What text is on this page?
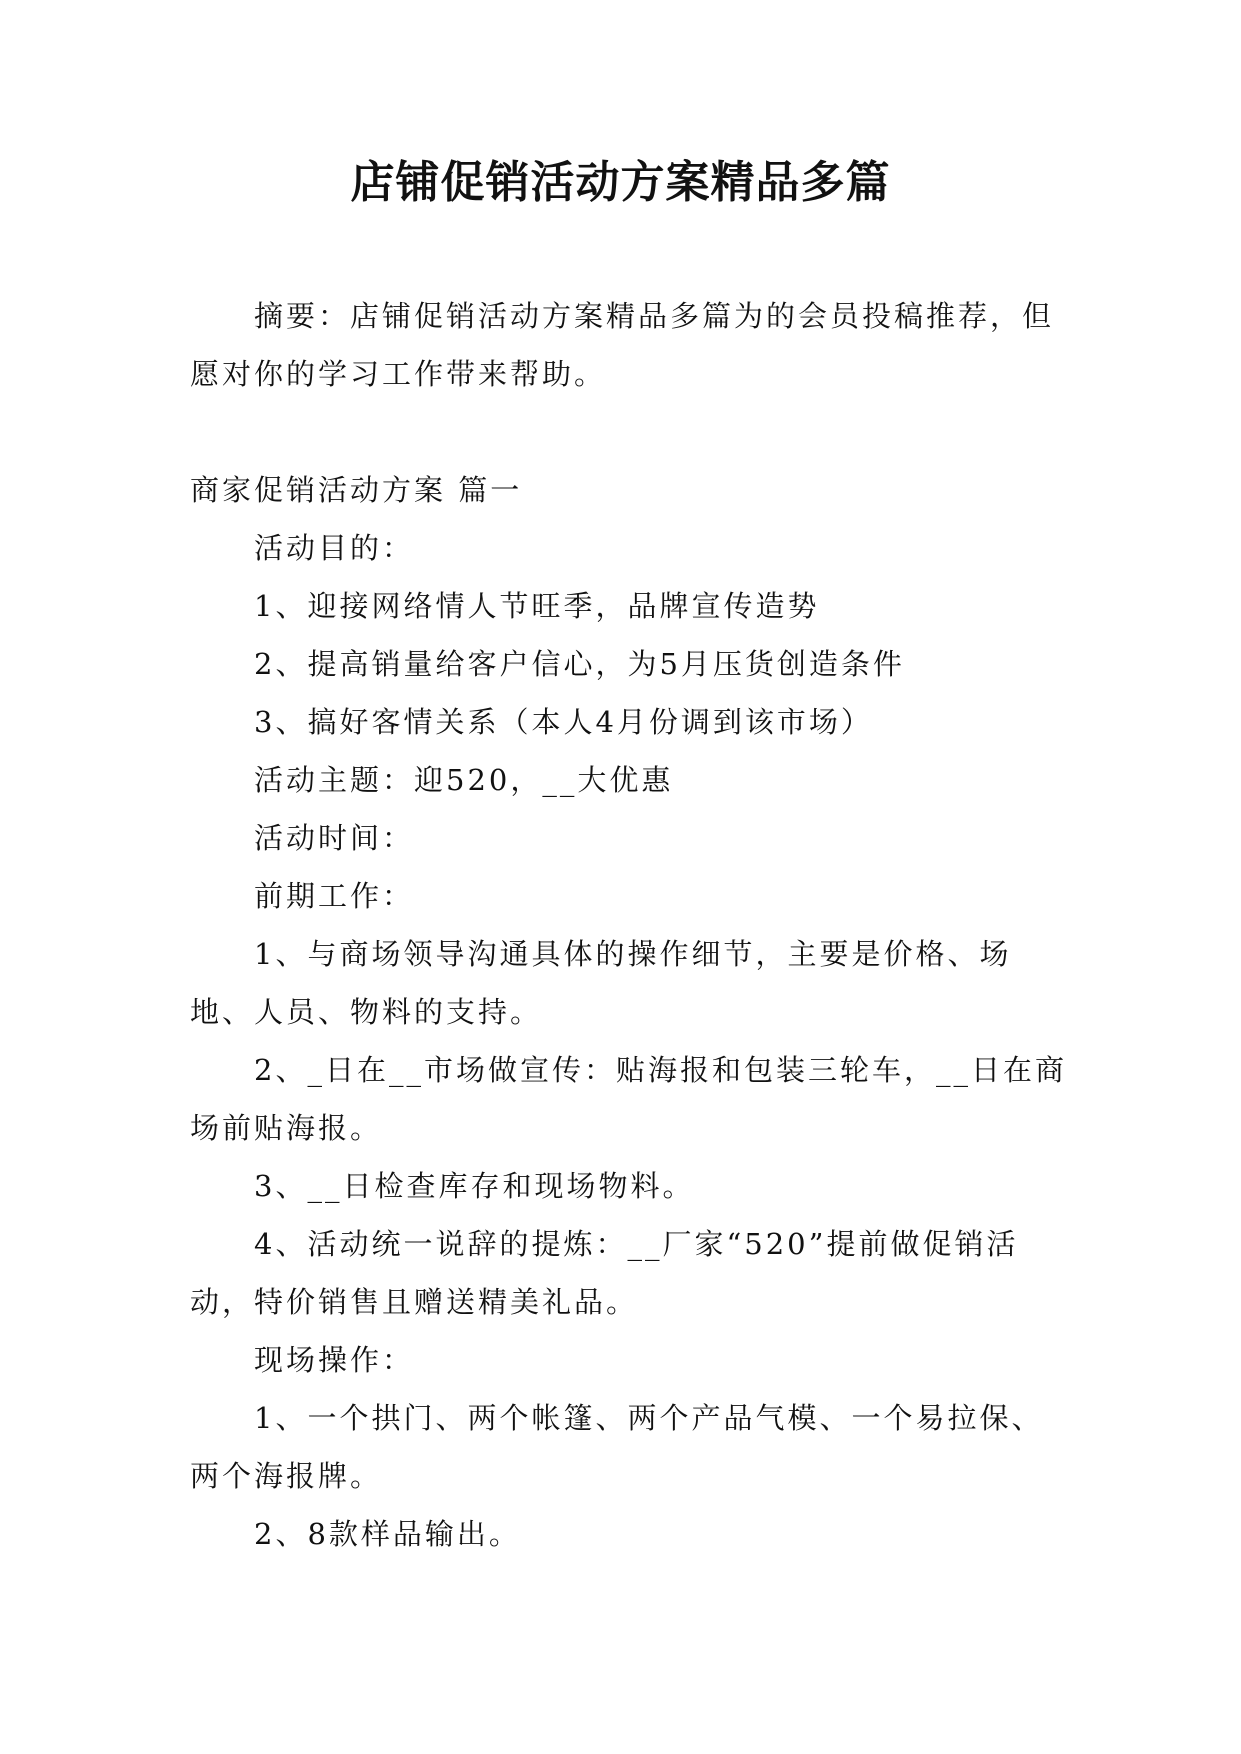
店铺促销活动方案精品多篇

摘要：店铺促销活动方案精品多篇为的会员投稿推荐，但愿对你的学习工作带来帮助。

商家促销活动方案 篇一

活动目的：

1、迎接网络情人节旺季，品牌宣传造势

2、提高销量给客户信心，为5月压货创造条件

3、搞好客情关系（本人4月份调到该市场）

活动主题：迎520，__大优惠

活动时间：

前期工作：

1、与商场领导沟通具体的操作细节，主要是价格、场地、人员、物料的支持。

2、_日在__市场做宣传：贴海报和包装三轮车，__日在商场前贴海报。

3、__日检查库存和现场物料。

4、活动统一说辞的提炼：__厂家“520”提前做促销活动，特价销售且赠送精美礼品。

现场操作：

1、一个拱门、两个帐篷、两个产品气模、一个易拉保、两个海报牌。

2、8款样品输出。
